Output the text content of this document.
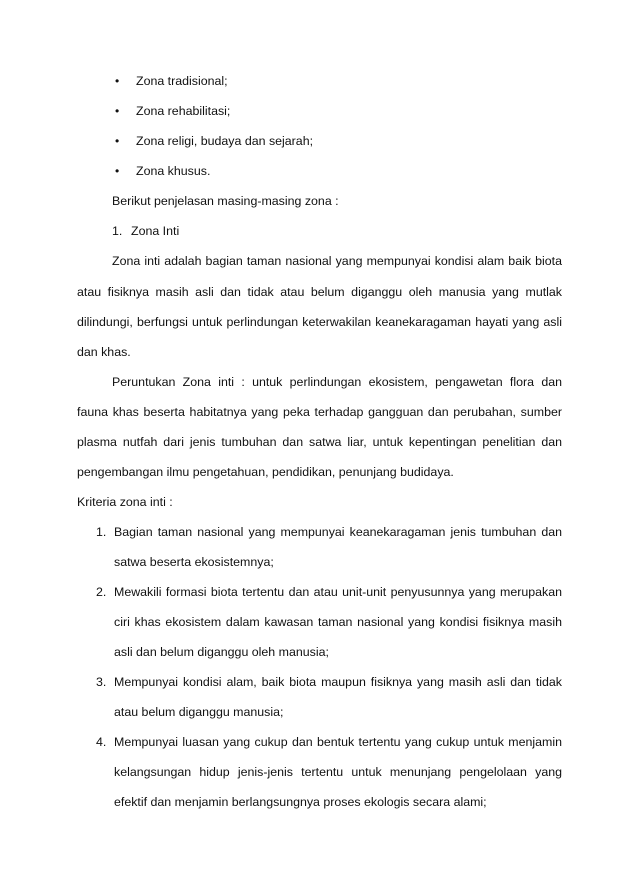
• Zona tradisional;
• Zona rehabilitasi;
• Zona religi, budaya dan sejarah;
• Zona khusus.
Berikut penjelasan masing-masing zona :
1. Zona Inti
Zona inti adalah bagian taman nasional yang mempunyai kondisi alam baik biota
atau fisiknya masih asli dan tidak atau belum diganggu oleh manusia yang mutlak
dilindungi, berfungsi untuk perlindungan keterwakilan keanekaragaman hayati yang asli
dan khas.
Peruntukan Zona inti : untuk perlindungan ekosistem, pengawetan flora dan
fauna khas beserta habitatnya yang peka terhadap gangguan dan perubahan, sumber
plasma nutfah dari jenis tumbuhan dan satwa liar, untuk kepentingan penelitian dan
pengembangan ilmu pengetahuan, pendidikan, penunjang budidaya.
Kriteria zona inti :
1. Bagian taman nasional yang mempunyai keanekaragaman jenis tumbuhan dan
satwa beserta ekosistemnya;
2. Mewakili formasi biota tertentu dan atau unit-unit penyusunnya yang merupakan
ciri khas ekosistem dalam kawasan taman nasional yang kondisi fisiknya masih
asli dan belum diganggu oleh manusia;
3. Mempunyai kondisi alam, baik biota maupun fisiknya yang masih asli dan tidak
atau belum diganggu manusia;
4. Mempunyai luasan yang cukup dan bentuk tertentu yang cukup untuk menjamin
kelangsungan hidup jenis-jenis tertentu untuk menunjang pengelolaan yang
efektif dan menjamin berlangsungnya proses ekologis secara alami;
